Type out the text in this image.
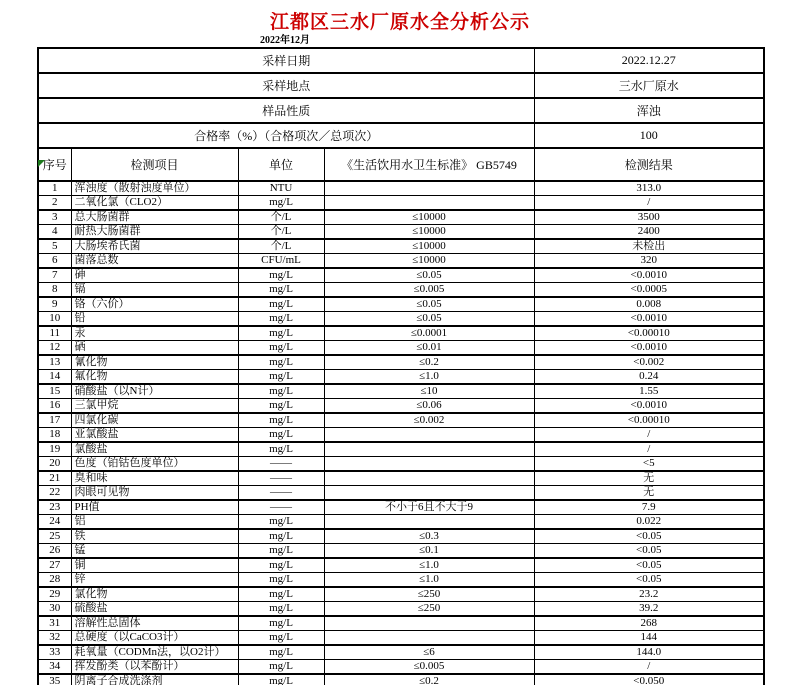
江都区三水厂原水全分析公示
2022年12月
采样日期				2022.12.27
采样地点				三水厂原水
样品性质				浑浊
合格率（%）（合格项次／总项次）				100
序号	检测项目	单位	《生活饮用水卫生标准》 GB5749	检测结果
1	浑浊度（散射浊度单位）	NTU		313.0
2	二氧化氯（CLO2）	mg/L		/
3	总大肠菌群	个/L	≤10000	3500
4	耐热大肠菌群	个/L	≤10000	2400
5	大肠埃希氏菌	个/L	≤10000	未检出
6	菌落总数	CFU/mL	≤10000	320
7	砷	mg/L	≤0.05	<0.0010
8	镉	mg/L	≤0.005	<0.0005
9	铬（六价）	mg/L	≤0.05	0.008
10	铅	mg/L	≤0.05	<0.0010
11	汞	mg/L	≤0.0001	<0.00010
12	硒	mg/L	≤0.01	<0.0010
13	氰化物	mg/L	≤0.2	<0.002
14	氟化物	mg/L	≤1.0	0.24
15	硝酸盐（以N计）	mg/L	≤10	1.55
16	三氯甲烷	mg/L	≤0.06	<0.0010
17	四氯化碳	mg/L	≤0.002	<0.00010
18	亚氯酸盐	mg/L		/
19	氯酸盐	mg/L		/
20	色度（铂钴色度单位）	——		<5
21	臭和味	——		无
22	肉眼可见物	——		无
23	PH值	——	不小于6且不大于9	7.9
24	铝	mg/L		0.022
25	铁	mg/L	≤0.3	<0.05
26	锰	mg/L	≤0.1	<0.05
27	铜	mg/L	≤1.0	<0.05
28	锌	mg/L	≤1.0	<0.05
29	氯化物	mg/L	≤250	23.2
30	硫酸盐	mg/L	≤250	39.2
31	溶解性总固体	mg/L		268
32	总硬度（以CaCO3计）	mg/L		144
33	耗氧量（CODMn法，以O2计）	mg/L	≤6	144.0
34	挥发酚类（以苯酚计）	mg/L	≤0.005	/
35	阴离子合成洗涤剂	mg/L	≤0.2	<0.050
